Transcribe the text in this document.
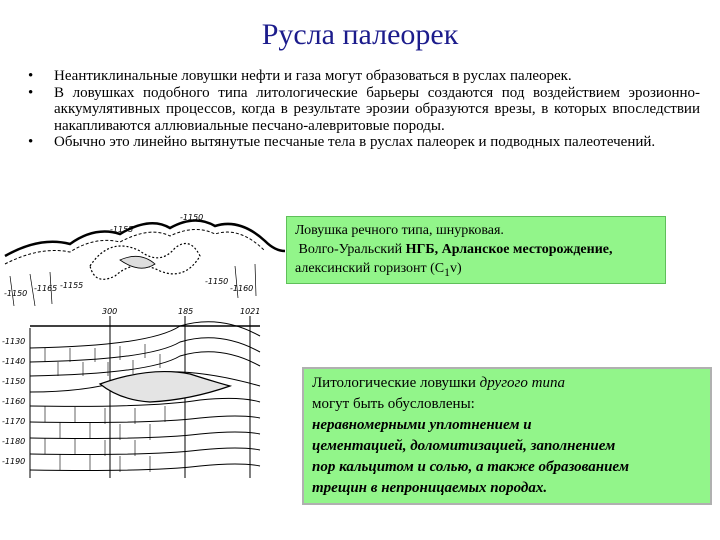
Русла палеорек
•	Неантиклинальные ловушки нефти и газа могут образоваться в руслах палеорек.
•	В ловушках подобного типа литологические барьеры создаются под воздействием эрозионно-аккумулятивных процессов, когда в результате эрозии образуются врезы, в которых впоследствии накапливаются аллювиальные песчано-алевритовые породы.
•	Обычно это линейно вытянутые песчаные тела в руслах палеорек и подводных палеотечений.
-1150
-1165 -1155	-1150
-1160
-1155
-1150
-1130
-1140
-1150
-1160
-1170
-1180
-1190
300	185	1021
Ловушка речного типа, шнурковая.
Волго-Уральский НГБ, Арланское месторождение,
алексинский горизонт $(С_1v)$
Литологические ловушки другого типа
могут быть обусловлены:
неравномерными уплотнением и
цементацией, доломитизацией, заполнением
пор кальцитом и солью, а также образованием
трещин в непроницаемых породах.
